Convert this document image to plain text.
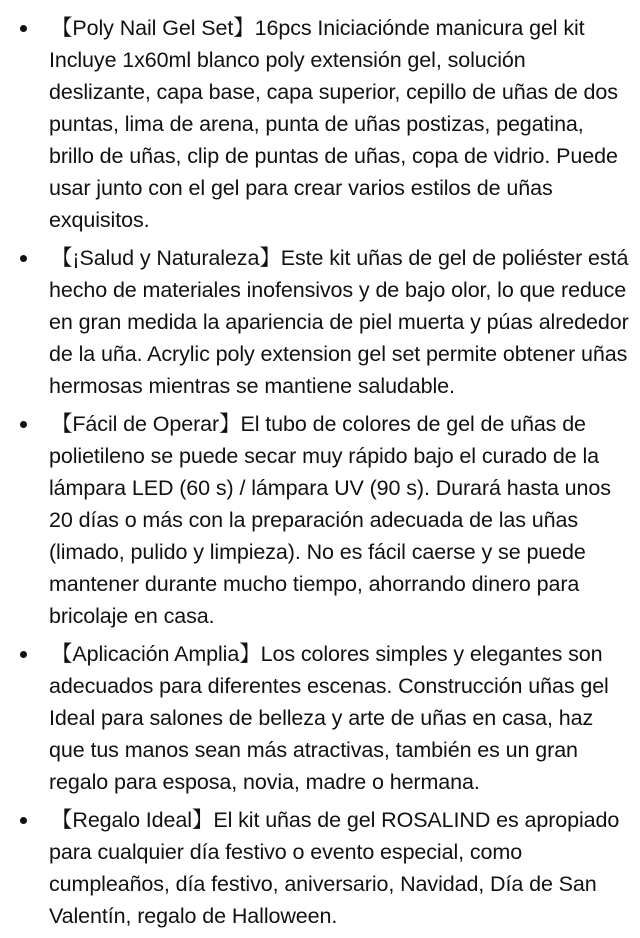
【Poly Nail Gel Set】16pcs Iniciaciónde manicura gel kit Incluye 1x60ml blanco poly extensión gel, solución deslizante, capa base, capa superior, cepillo de uñas de dos puntas, lima de arena, punta de uñas postizas, pegatina, brillo de uñas, clip de puntas de uñas, copa de vidrio. Puede usar junto con el gel para crear varios estilos de uñas exquisitos.
【¡Salud y Naturaleza】Este kit uñas de gel de poliéster está hecho de materiales inofensivos y de bajo olor, lo que reduce en gran medida la apariencia de piel muerta y púas alrededor de la uña. Acrylic poly extension gel set permite obtener uñas hermosas mientras se mantiene saludable.
【Fácil de Operar】El tubo de colores de gel de uñas de polietileno se puede secar muy rápido bajo el curado de la lámpara LED (60 s) / lámpara UV (90 s). Durará hasta unos 20 días o más con la preparación adecuada de las uñas (limado, pulido y limpieza). No es fácil caerse y se puede mantener durante mucho tiempo, ahorrando dinero para bricolaje en casa.
【Aplicación Amplia】Los colores simples y elegantes son adecuados para diferentes escenas. Construcción uñas gel Ideal para salones de belleza y arte de uñas en casa, haz que tus manos sean más atractivas, también es un gran regalo para esposa, novia, madre o hermana.
【Regalo Ideal】El kit uñas de gel ROSALIND es apropiado para cualquier día festivo o evento especial, como cumpleaños, día festivo, aniversario, Navidad, Día de San Valentín, regalo de Halloween.
